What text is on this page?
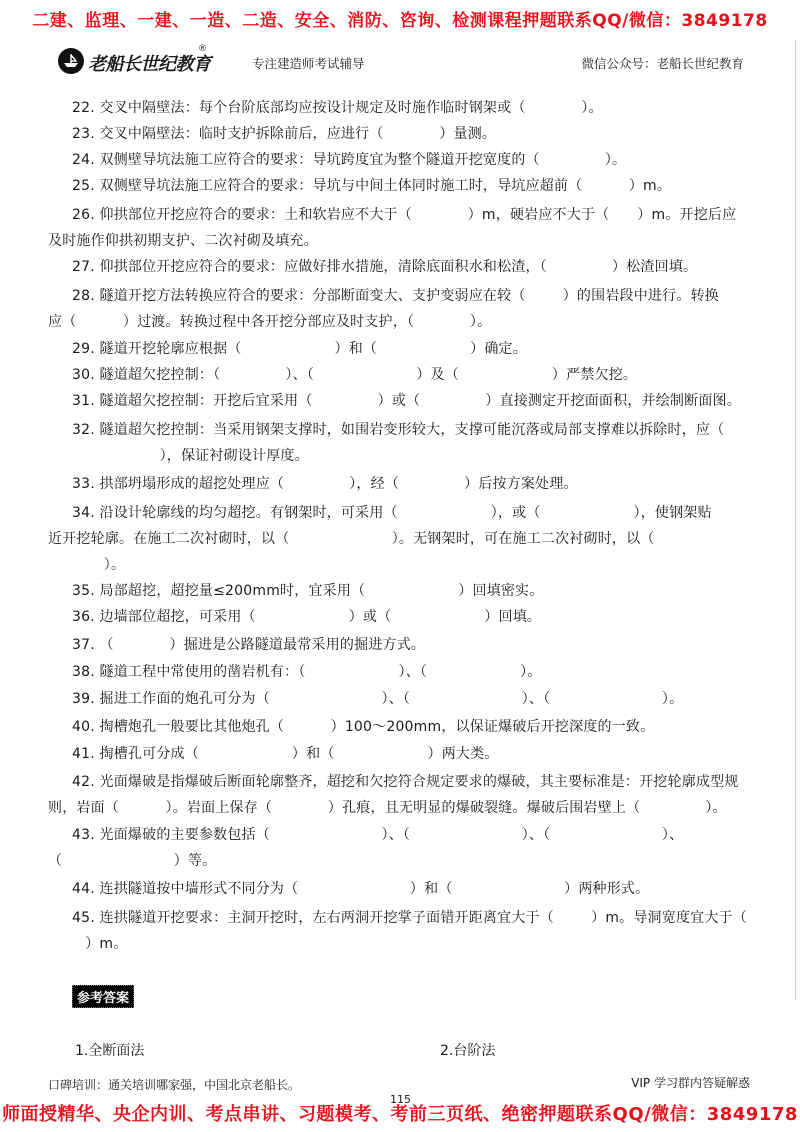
二建、监理、一建、一造、二造、安全、消防、咨询、检测课程押题联系QQ/微信：3849178
老船长世纪教育
®
专注建造师考试辅导	微信公众号：老船长世纪教育
22. 交叉中隔壁法：每个台阶底部均应按设计规定及时施作临时钢架或（            ）。
23. 交叉中隔壁法：临时支护拆除前后，应进行（            ）量测。
24. 双侧壁导坑法施工应符合的要求：导坑跨度宜为整个隧道开挖宽度的（              ）。
25. 双侧壁导坑法施工应符合的要求：导坑与中间土体同时施工时，导坑应超前（          ）m。
26. 仰拱部位开挖应符合的要求：土和软岩应不大于（            ）m，硬岩应不大于（      ）m。开挖后应
及时施作仰拱初期支护、二次衬砌及填充。
27. 仰拱部位开挖应符合的要求：应做好排水措施，清除底面积水和松渣，（              ）松渣回填。
28. 隧道开挖方法转换应符合的要求：分部断面变大、支护变弱应在较（        ）的围岩段中进行。转换
应（          ）过渡。转换过程中各开挖分部应及时支护，（            ）。
29. 隧道开挖轮廓应根据（                    ）和（                    ）确定。
30. 隧道超欠挖控制：（              ）、（                      ）及（                    ）严禁欠挖。
31. 隧道超欠挖控制：开挖后宜采用（              ）或（              ）直接测定开挖面面积，并绘制断面图。
32. 隧道超欠挖控制：当采用钢架支撑时，如围岩变形较大，支撑可能沉落或局部支撑难以拆除时，应（
），保证衬砌设计厚度。
33. 拱部坍塌形成的超挖处理应（              ），经（              ）后按方案处理。
34. 沿设计轮廓线的均匀超挖。有钢架时，可采用（                    ），或（                    ），使钢架贴
近开挖轮廓。在施工二次衬砌时，以（                      ）。无钢架时，可在施工二次衬砌时，以（
）。
35. 局部超挖，超挖量≤200mm时，宜采用（                    ）回填密实。
36. 边墙部位超挖，可采用（                    ）或（                    ）回填。
37. （            ）掘进是公路隧道最常采用的掘进方式。
38. 隧道工程中常使用的凿岩机有：（                    ）、（                    ）。
39. 掘进工作面的炮孔可分为（                        ）、（                        ）、（                        ）。
40. 掏槽炮孔一般要比其他炮孔（          ）100～200mm，以保证爆破后开挖深度的一致。
41. 掏槽孔可分成（                    ）和（                    ）两大类。
42. 光面爆破是指爆破后断面轮廓整齐，超挖和欠挖符合规定要求的爆破，其主要标准是：开挖轮廓成型规
则，岩面（          ）。岩面上保存（            ）孔痕，且无明显的爆破裂缝。爆破后围岩壁上（              ）。
43. 光面爆破的主要参数包括（                        ）、（                        ）、（                        ）、
（                        ）等。
44. 连拱隧道按中墙形式不同分为（                        ）和（                        ）两种形式。
45. 连拱隧道开挖要求：主洞开挖时，左右两洞开挖掌子面错开距离宜大于（        ）m。导洞宽度宜大于（
）m。
参考答案
1.全断面法	2.台阶法
口碑培训：通关培训哪家强，中国北京老船长。	VIP 学习群内答疑解惑
115
师面授精华、央企内训、考点串讲、习题模考、考前三页纸、绝密押题联系QQ/微信：3849178
